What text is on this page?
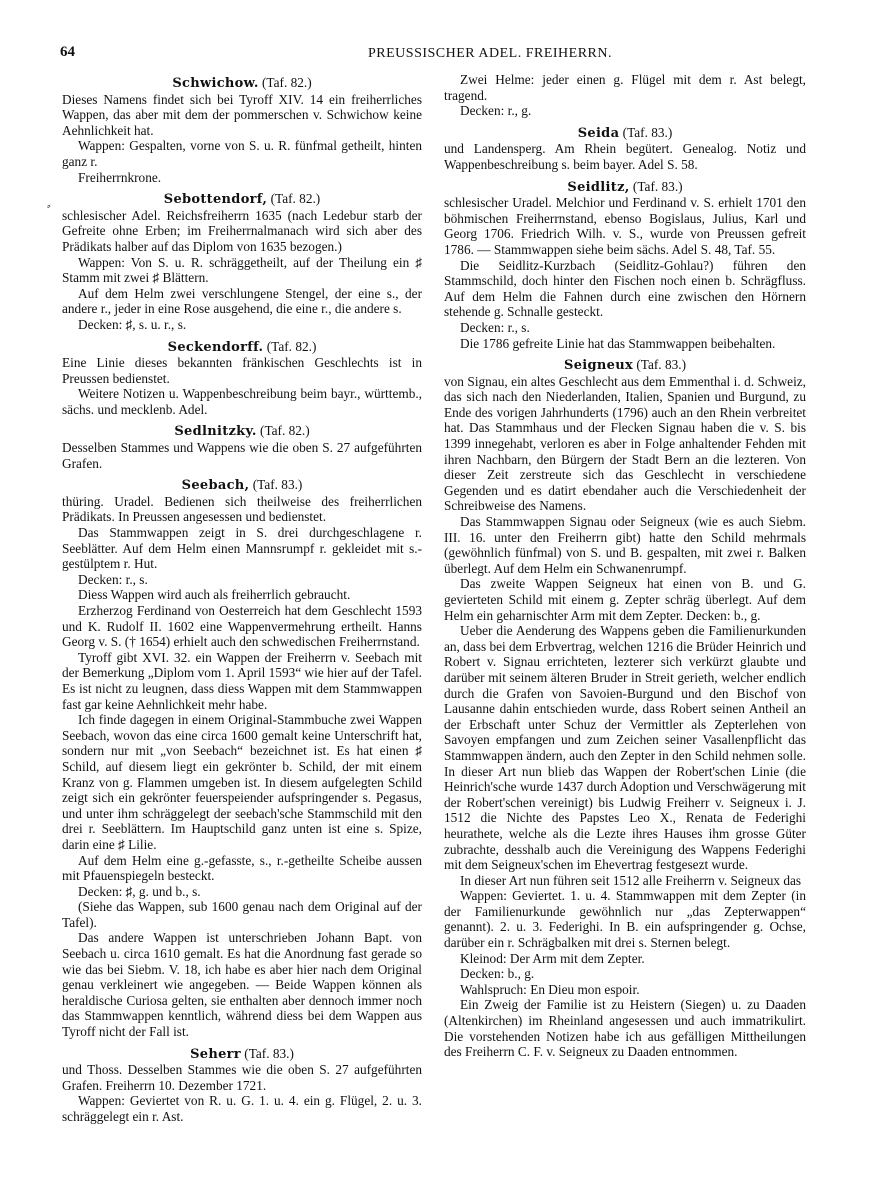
64	PREUSSISCHER ADEL. FREIHERRN.
⸗
Schwichow. (Taf. 82.)

Dieses Namens findet sich bei Tyroff XIV. 14 ein freiherrliches Wappen, das aber mit dem der pommerschen v. Schwichow keine Aehnlichkeit hat.

Wappen: Gespalten, vorne von S. u. R. fünfmal getheilt, hinten ganz r.

Freiherrnkrone.

Sebottendorf, (Taf. 82.)

schlesischer Adel. Reichsfreiherrn 1635 (nach Ledebur starb der Gefreite ohne Erben; im Freiherrnalmanach wird sich aber des Prädikats halber auf das Diplom von 1635 bezogen.)

Wappen: Von S. u. R. schräggetheilt, auf der Theilung ein ♯ Stamm mit zwei ♯ Blättern.

Auf dem Helm zwei verschlungene Stengel, der eine s., der andere r., jeder in eine Rose ausgehend, die eine r., die andere s.

Decken: ♯, s. u. r., s.

Seckendorff. (Taf. 82.)

Eine Linie dieses bekannten fränkischen Geschlechts ist in Preussen bedienstet.

Weitere Notizen u. Wappenbeschreibung beim bayr., württemb., sächs. und mecklenb. Adel.

Sedlnitzky. (Taf. 82.)

Desselben Stammes und Wappens wie die oben S. 27 aufgeführten Grafen.

Seebach, (Taf. 83.)

thüring. Uradel. Bedienen sich theilweise des freiherrlichen Prädikats. In Preussen angesessen und bedienstet.

Das Stammwappen zeigt in S. drei durchgeschlagene r. Seeblätter. Auf dem Helm einen Mannsrumpf r. gekleidet mit s.-gestülptem r. Hut.

Decken: r., s.

Diess Wappen wird auch als freiherrlich gebraucht.

Erzherzog Ferdinand von Oesterreich hat dem Geschlecht 1593 und K. Rudolf II. 1602 eine Wappenvermehrung ertheilt. Hanns Georg v. S. († 1654) erhielt auch den schwedischen Freiherrnstand.

Tyroff gibt XVI. 32. ein Wappen der Freiherrn v. Seebach mit der Bemerkung „Diplom vom 1. April 1593“ wie hier auf der Tafel. Es ist nicht zu leugnen, dass diess Wappen mit dem Stammwappen fast gar keine Aehnlichkeit mehr habe.

Ich finde dagegen in einem Original-Stammbuche zwei Wappen Seebach, wovon das eine circa 1600 gemalt keine Unterschrift hat, sondern nur mit „von Seebach“ bezeichnet ist. Es hat einen ♯ Schild, auf diesem liegt ein gekrönter b. Schild, der mit einem Kranz von g. Flammen umgeben ist. In diesem aufgelegten Schild zeigt sich ein gekrönter feuerspeiender aufspringender s. Pegasus, und unter ihm schräggelegt der seebach'sche Stammschild mit den drei r. Seeblättern. Im Hauptschild ganz unten ist eine s. Spize, darin eine ♯ Lilie.

Auf dem Helm eine g.-gefasste, s., r.-getheilte Scheibe aussen mit Pfauenspiegeln besteckt.

Decken: ♯, g. und b., s.

(Siehe das Wappen, sub 1600 genau nach dem Original auf der Tafel).

Das andere Wappen ist unterschrieben Johann Bapt. von Seebach u. circa 1610 gemalt. Es hat die Anordnung fast gerade so wie das bei Siebm. V. 18, ich habe es aber hier nach dem Original genau verkleinert wie angegeben. — Beide Wappen können als heraldische Curiosa gelten, sie enthalten aber dennoch immer noch das Stammwappen kenntlich, während diess bei dem Wappen aus Tyroff nicht der Fall ist.

Seherr (Taf. 83.)

und Thoss. Desselben Stammes wie die oben S. 27 aufgeführten Grafen. Freiherrn 10. Dezember 1721.

Wappen: Geviertet von R. u. G. 1. u. 4. ein g. Flügel, 2. u. 3. schräggelegt ein r. Ast.

Zwei Helme: jeder einen g. Flügel mit dem r. Ast belegt, tragend.

Decken: r., g.

Seida (Taf. 83.)

und Landensperg. Am Rhein begütert. Genealog. Notiz und Wappenbeschreibung s. beim bayer. Adel S. 58.

Seidlitz, (Taf. 83.)

schlesischer Uradel. Melchior und Ferdinand v. S. erhielt 1701 den böhmischen Freiherrnstand, ebenso Bogislaus, Julius, Karl und Georg 1706. Friedrich Wilh. v. S., wurde von Preussen gefreit 1786. — Stammwappen siehe beim sächs. Adel S. 48, Taf. 55.

Die Seidlitz-Kurzbach (Seidlitz-Gohlau?) führen den Stammschild, doch hinter den Fischen noch einen b. Schrägfluss. Auf dem Helm die Fahnen durch eine zwischen den Hörnern stehende g. Schnalle gesteckt.

Decken: r., s.

Die 1786 gefreite Linie hat das Stammwappen beibehalten.

Seigneux (Taf. 83.)

von Signau, ein altes Geschlecht aus dem Emmenthal i. d. Schweiz, das sich nach den Niederlanden, Italien, Spanien und Burgund, zu Ende des vorigen Jahrhunderts (1796) auch an den Rhein verbreitet hat. Das Stammhaus und der Flecken Signau haben die v. S. bis 1399 innegehabt, verloren es aber in Folge anhaltender Fehden mit ihren Nachbarn, den Bürgern der Stadt Bern an die lezteren. Von dieser Zeit zerstreute sich das Geschlecht in verschiedene Gegenden und es datirt ebendaher auch die Verschiedenheit der Schreibweise des Namens.

Das Stammwappen Signau oder Seigneux (wie es auch Siebm. III. 16. unter den Freiherrn gibt) hatte den Schild mehrmals (gewöhnlich fünfmal) von S. und B. gespalten, mit zwei r. Balken überlegt. Auf dem Helm ein Schwanenrumpf.

Das zweite Wappen Seigneux hat einen von B. und G. gevierteten Schild mit einem g. Zepter schräg überlegt. Auf dem Helm ein geharnischter Arm mit dem Zepter. Decken: b., g.

Ueber die Aenderung des Wappens geben die Familienurkunden an, dass bei dem Erbvertrag, welchen 1216 die Brüder Heinrich und Robert v. Signau errichteten, lezterer sich verkürzt glaubte und darüber mit seinem älteren Bruder in Streit gerieth, welcher endlich durch die Grafen von Savoien-Burgund und den Bischof von Lausanne dahin entschieden wurde, dass Robert seinen Antheil an der Erbschaft unter Schuz der Vermittler als Zepterlehen von Savoyen empfangen und zum Zeichen seiner Vasallenpflicht das Stammwappen ändern, auch den Zepter in den Schild nehmen solle. In dieser Art nun blieb das Wappen der Robert'schen Linie (die Heinrich'sche wurde 1437 durch Adoption und Verschwägerung mit der Robert'schen vereinigt) bis Ludwig Freiherr v. Seigneux i. J. 1512 die Nichte des Papstes Leo X., Renata de Federighi heurathete, welche als die Lezte ihres Hauses ihm grosse Güter zubrachte, desshalb auch die Vereinigung des Wappens Federighi mit dem Seigneux'schen im Ehevertrag festgesezt wurde.

In dieser Art nun führen seit 1512 alle Freiherrn v. Seigneux das

Wappen: Geviertet. 1. u. 4. Stammwappen mit dem Zepter (in der Familienurkunde gewöhnlich nur „das Zepterwappen“ genannt). 2. u. 3. Federighi. In B. ein aufspringender g. Ochse, darüber ein r. Schrägbalken mit drei s. Sternen belegt.

Kleinod: Der Arm mit dem Zepter.

Decken: b., g.

Wahlspruch: En Dieu mon espoir.

Ein Zweig der Familie ist zu Heistern (Siegen) u. zu Daaden (Altenkirchen) im Rheinland angesessen und auch immatrikulirt. Die vorstehenden Notizen habe ich aus gefälligen Mittheilungen des Freiherrn C. F. v. Seigneux zu Daaden entnommen.
